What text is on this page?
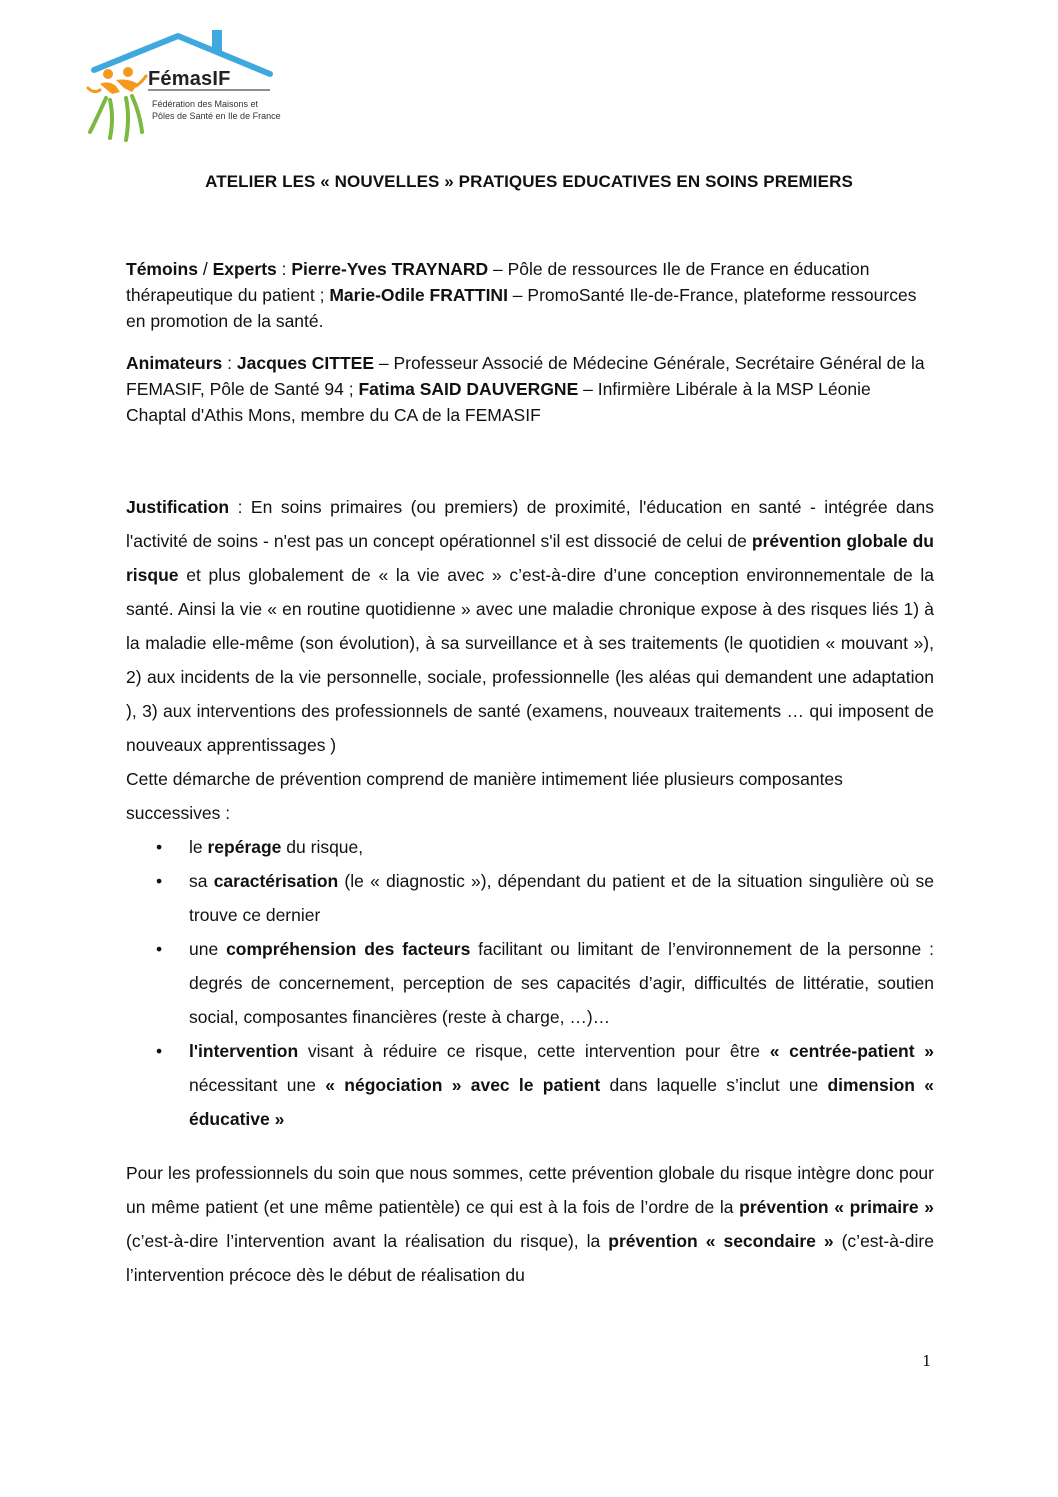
FémasIF
Fédération des Maisons et
Pôles de Santé en Ile de France
ATELIER LES « NOUVELLES » PRATIQUES EDUCATIVES EN SOINS PREMIERS
Témoins / Experts : Pierre-Yves TRAYNARD – Pôle de ressources Ile de France en éducation thérapeutique du patient ; Marie-Odile FRATTINI – PromoSanté Ile-de-France, plateforme ressources en promotion de la santé.
Animateurs : Jacques CITTEE – Professeur Associé de Médecine Générale, Secrétaire Général de la FEMASIF, Pôle de Santé 94 ; Fatima SAID DAUVERGNE – Infirmière Libérale à la MSP Léonie Chaptal d'Athis Mons, membre du CA de la FEMASIF

Justification : En soins primaires (ou premiers) de proximité, l'éducation en santé - intégrée dans l'activité de soins - n'est pas un concept opérationnel s'il est dissocié de celui de prévention globale du risque et plus globalement de « la vie avec » c’est-à-dire d’une conception environnementale de la santé. Ainsi la vie « en routine quotidienne » avec une maladie chronique expose à des risques liés 1) à la maladie elle-même (son évolution), à sa surveillance et à ses traitements (le quotidien « mouvant »), 2) aux incidents de la vie personnelle, sociale, professionnelle (les aléas qui demandent une adaptation ), 3) aux interventions des professionnels de santé (examens, nouveaux traitements … qui imposent de nouveaux apprentissages )

Cette démarche de prévention comprend de manière intimement liée plusieurs composantes successives :

• le repérage du risque,
• sa caractérisation (le « diagnostic »), dépendant du patient et de la situation singulière où se trouve ce dernier
• une compréhension des facteurs facilitant ou limitant de l’environnement de la personne : degrés de concernement, perception de ses capacités d’agir, difficultés de littératie, soutien social, composantes financières (reste à charge, …)…
• l'intervention visant à réduire ce risque, cette intervention pour être « centrée-patient » nécessitant une « négociation » avec le patient dans laquelle s’inclut une dimension « éducative »

Pour les professionnels du soin que nous sommes, cette prévention globale du risque intègre donc pour un même patient (et une même patientèle) ce qui est à la fois de l’ordre de la prévention « primaire » (c’est-à-dire l’intervention avant la réalisation du risque), la prévention « secondaire » (c’est-à-dire l’intervention précoce dès le début de réalisation du

1
